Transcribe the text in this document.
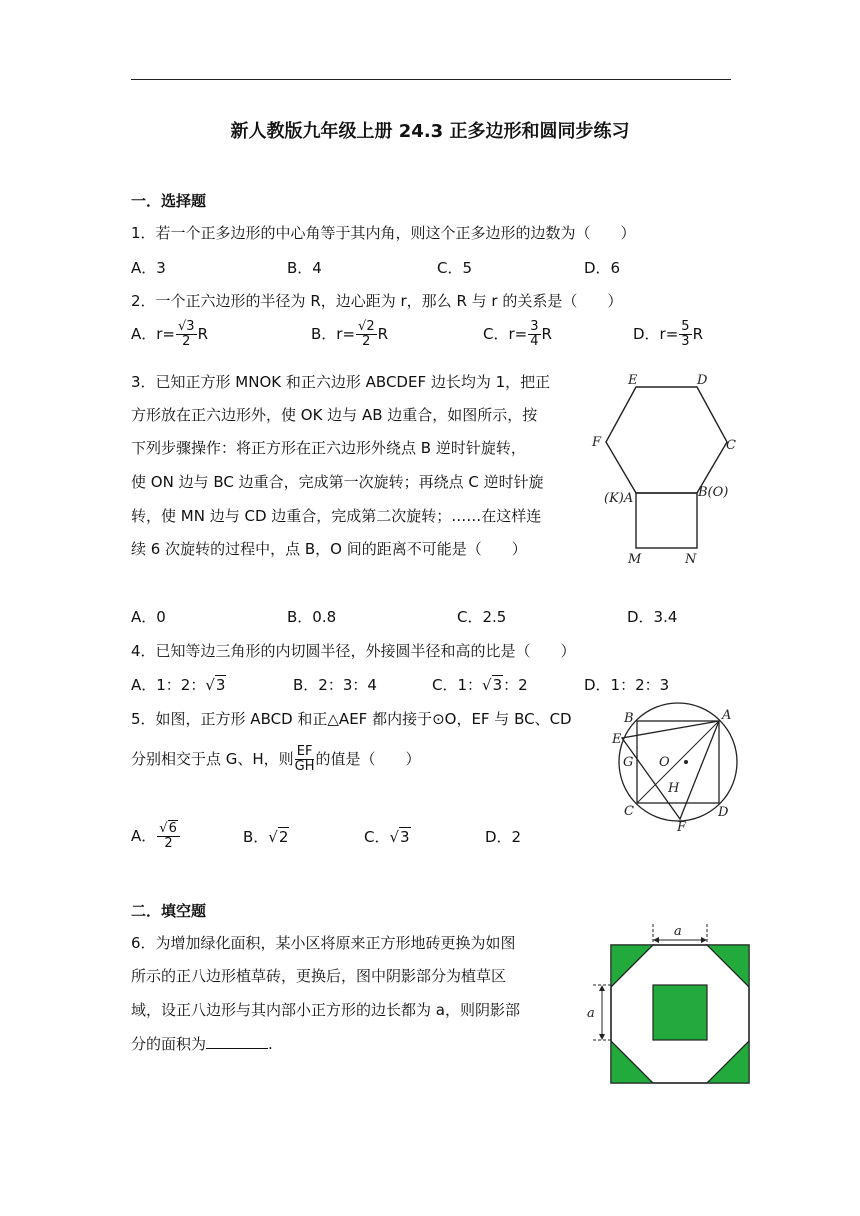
新人教版九年级上册 24.3 正多边形和圆同步练习
一．选择题
1．若一个正多边形的中心角等于其内角，则这个正多边形的边数为（　　）
A．3	B．4	C．5	D．6
2．一个正六边形的半径为 R，边心距为 r，那么 R 与 r 的关系是（　　）
A．$r= \frac{√3}{2}$ R	B．$r= \frac{√2}{2}$ R	C．$r= \frac{3}{4}$ R	D．$r= \frac{5}{3}$ R
3．已知正方形 MNOK 和正六边形 ABCDEF 边长均为 1，把正
方形放在正六边形外，使 OK 边与 AB 边重合，如图所示，按
下列步骤操作：将正方形在正六边形外绕点 B 逆时针旋转，
使 ON 边与 BC 边重合，完成第一次旋转；再绕点 C 逆时针旋
转，使 MN 边与 CD 边重合，完成第二次旋转；……在这样连
续 6 次旋转的过程中，点 B，O 间的距离不可能是（　　）
E	D
F	C
(K)A	B(O)
M	N
A．0	B．0.8	C．2.5	D．3.4
4．已知等边三角形的内切圆半径，外接圆半径和高的比是（　　）
A．1：2：√3	B．2：3：4	C．1：√3：2	D．1：2：3
5．如图，正方形 ABCD 和正△AEF 都内接于⊙O，EF 与 BC、CD
分别相交于点 G、H，则 $\frac{EF}{GH}$ 的值是（　　）
A
B
C	D
E
F
G
H
O
A． $\frac{√6}{2}$	B．√2	C．√3	D．2
二．填空题
6．为增加绿化面积，某小区将原来正方形地砖更换为如图
所示的正八边形植草砖，更换后，图中阴影部分为植草区
域，设正八边形与其内部小正方形的边长都为 a，则阴影部
分的面积为	.
a
a
